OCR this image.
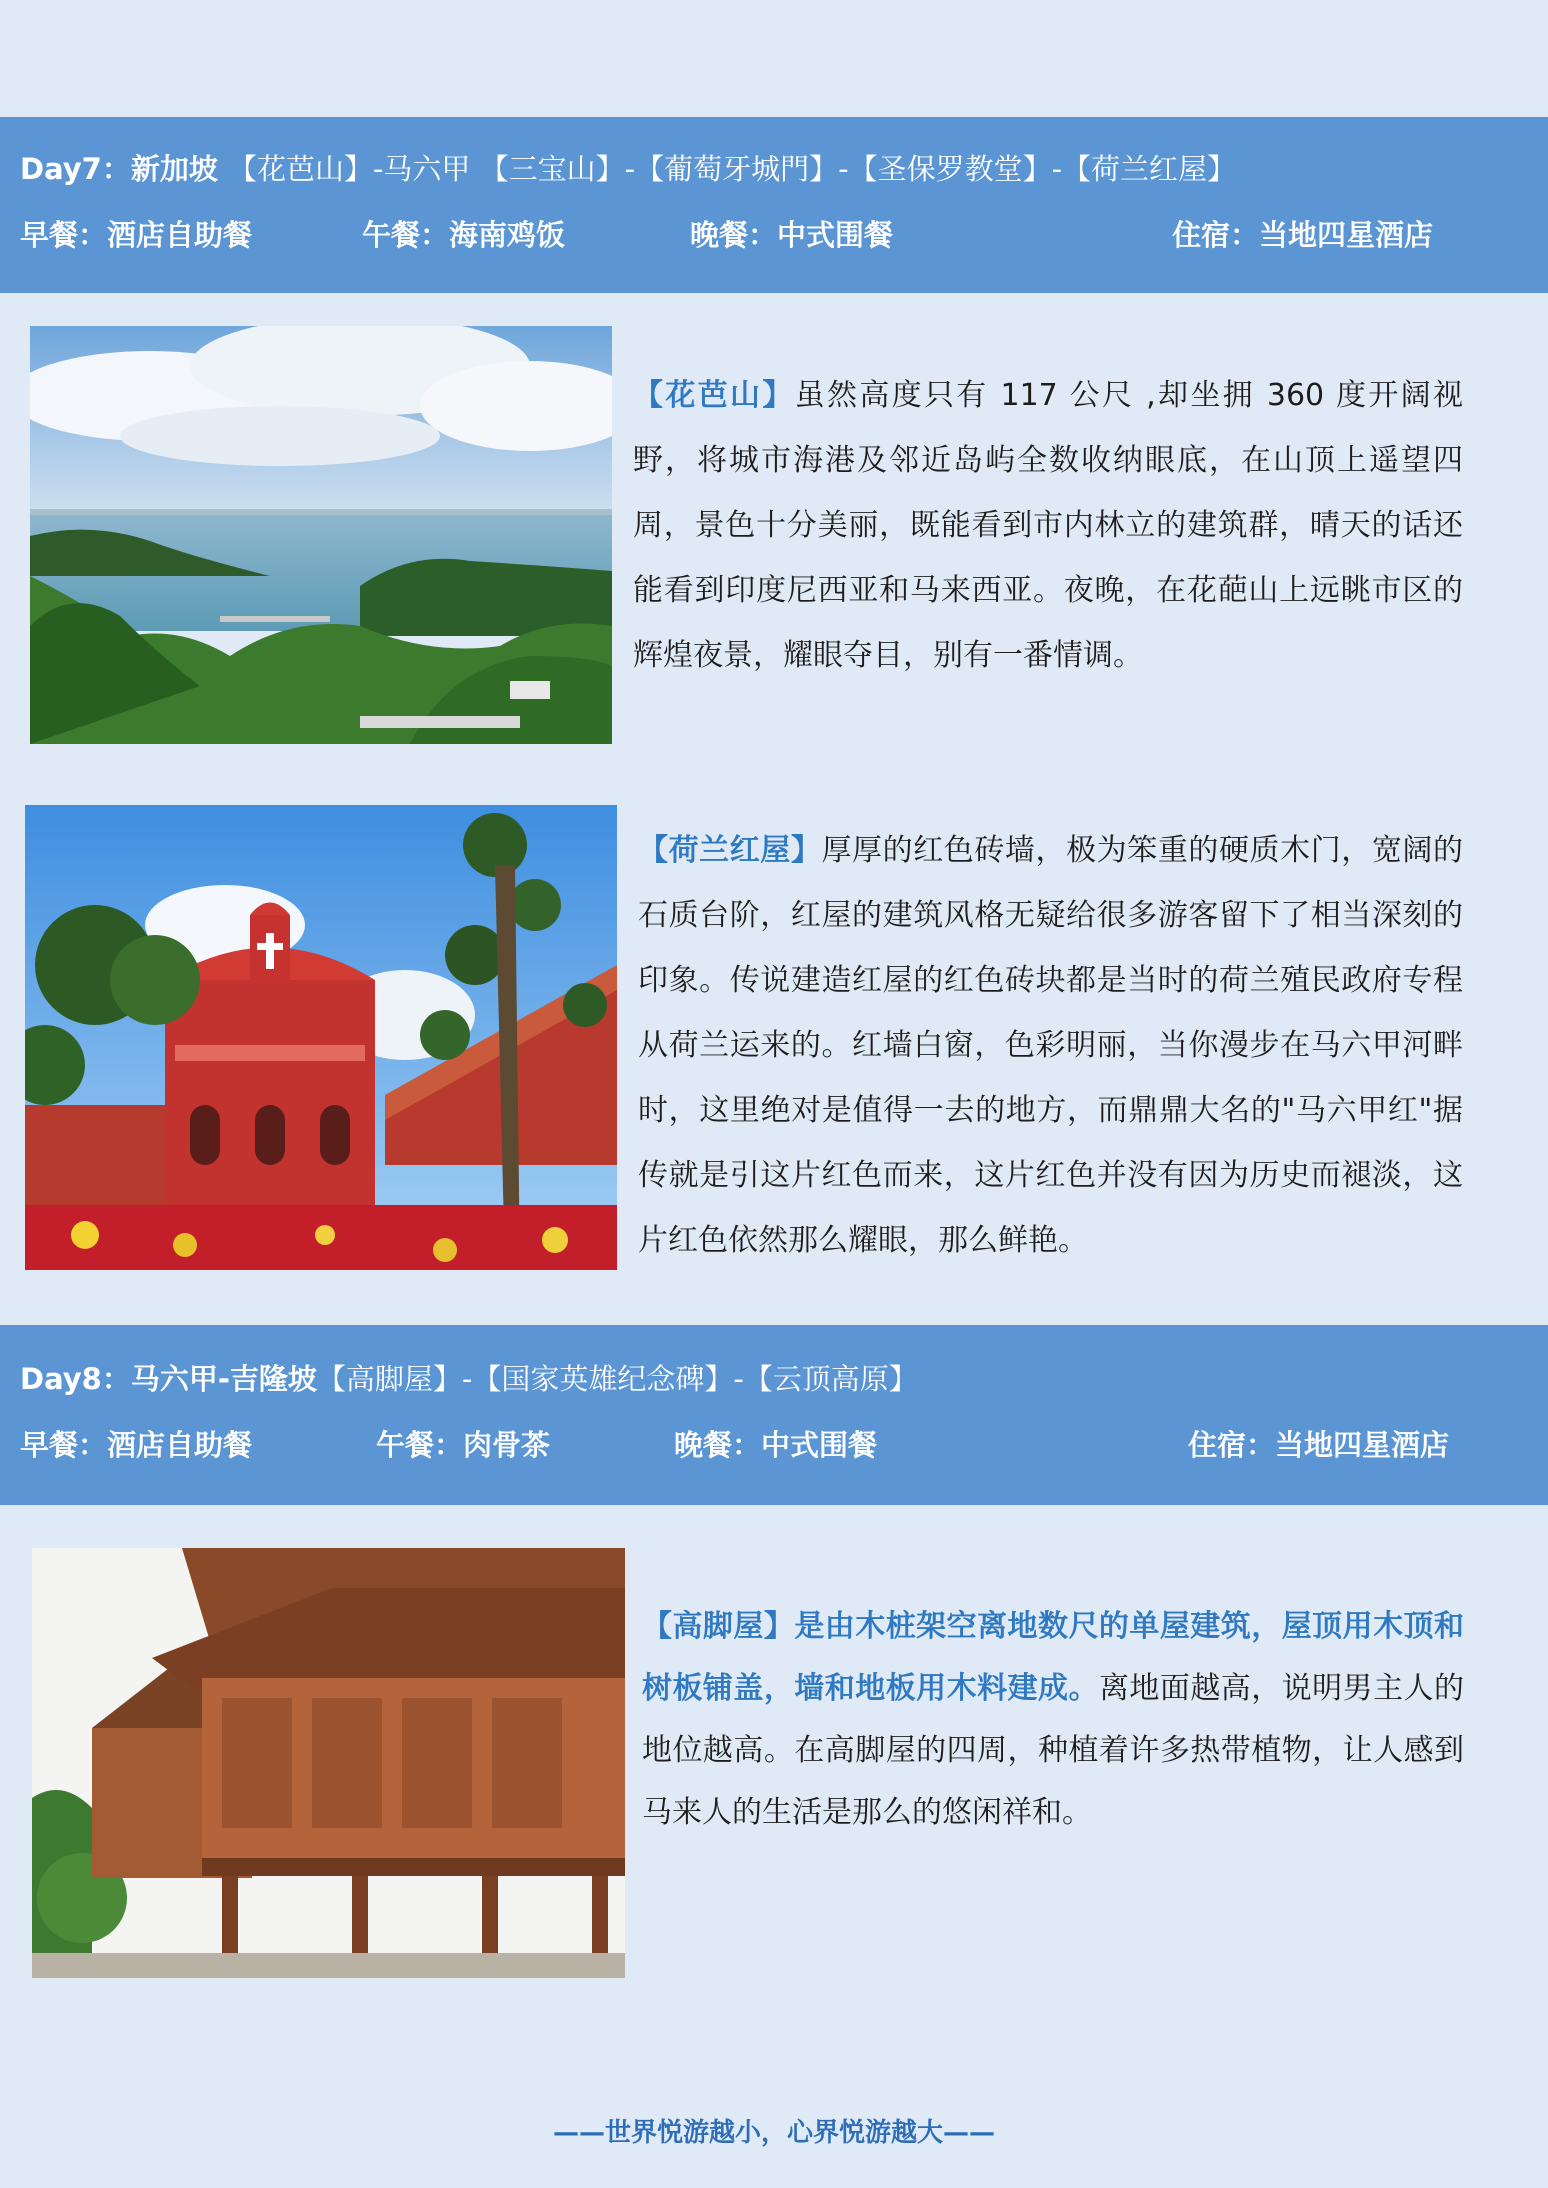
Day7：新加坡 【花芭山】-马六甲 【三宝山】-【葡萄牙城門】-【圣保罗教堂】-【荷兰红屋】
早餐：酒店自助餐	午餐：海南鸡饭	晚餐：中式围餐	住宿：当地四星酒店
【花芭山】虽然高度只有 117 公尺 ,却坐拥 360 度开阔视野，将城市海港及邻近岛屿全数收纳眼底，在山顶上遥望四周，景色十分美丽，既能看到市内林立的建筑群，晴天的话还能看到印度尼西亚和马来西亚。夜晚，在花葩山上远眺市区的辉煌夜景，耀眼夺目，别有一番情调。
【荷兰红屋】厚厚的红色砖墙，极为笨重的硬质木门，宽阔的石质台阶，红屋的建筑风格无疑给很多游客留下了相当深刻的印象。传说建造红屋的红色砖块都是当时的荷兰殖民政府专程从荷兰运来的。红墙白窗，色彩明丽，当你漫步在马六甲河畔时，这里绝对是值得一去的地方，而鼎鼎大名的"马六甲红"据传就是引这片红色而来，这片红色并没有因为历史而褪淡，这片红色依然那么耀眼，那么鲜艳。
Day8：马六甲-吉隆坡【高脚屋】-【国家英雄纪念碑】-【云顶高原】
早餐：酒店自助餐	午餐：肉骨茶	晚餐：中式围餐	住宿：当地四星酒店
【高脚屋】是由木桩架空离地数尺的单屋建筑，屋顶用木顶和树板铺盖，墙和地板用木料建成。离地面越高，说明男主人的地位越高。在高脚屋的四周，种植着许多热带植物，让人感到马来人的生活是那么的悠闲祥和。
——世界悦游越小，心界悦游越大——
